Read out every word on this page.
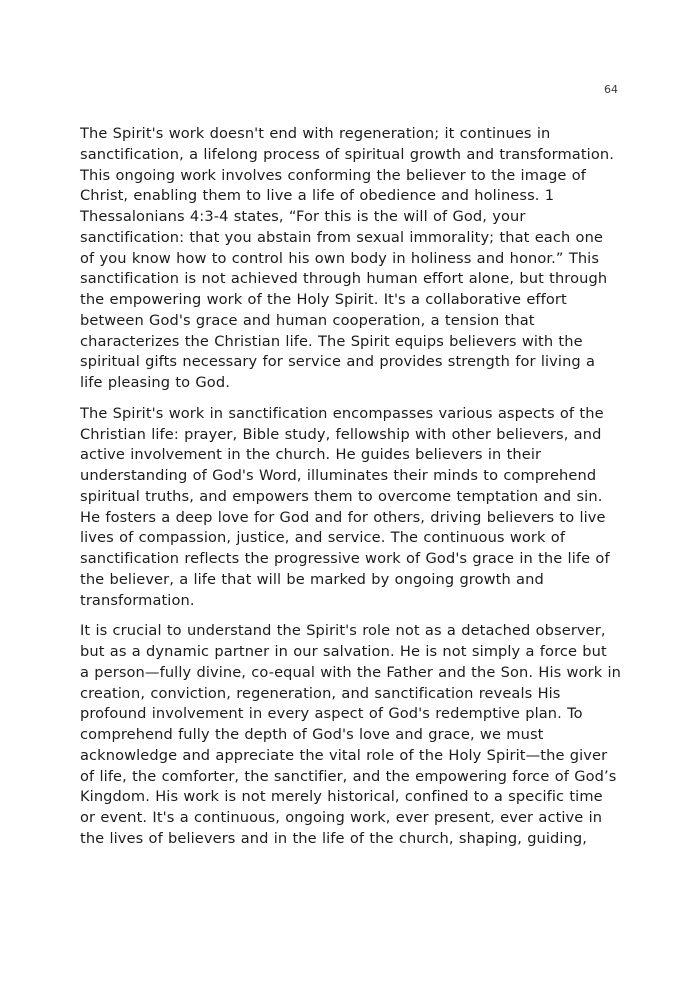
64

The Spirit's work doesn't end with regeneration; it continues in sanctification, a lifelong process of spiritual growth and transformation. This ongoing work involves conforming the believer to the image of Christ, enabling them to live a life of obedience and holiness. 1 Thessalonians 4:3-4 states, “For this is the will of God, your sanctification: that you abstain from sexual immorality; that each one of you know how to control his own body in holiness and honor.” This sanctification is not achieved through human effort alone, but through the empowering work of the Holy Spirit. It's a collaborative effort between God's grace and human cooperation, a tension that characterizes the Christian life. The Spirit equips believers with the spiritual gifts necessary for service and provides strength for living a life pleasing to God.

The Spirit's work in sanctification encompasses various aspects of the Christian life: prayer, Bible study, fellowship with other believers, and active involvement in the church. He guides believers in their understanding of God's Word, illuminates their minds to comprehend spiritual truths, and empowers them to overcome temptation and sin. He fosters a deep love for God and for others, driving believers to live lives of compassion, justice, and service. The continuous work of sanctification reflects the progressive work of God's grace in the life of the believer, a life that will be marked by ongoing growth and transformation.

It is crucial to understand the Spirit's role not as a detached observer, but as a dynamic partner in our salvation. He is not simply a force but a person—fully divine, co-equal with the Father and the Son. His work in creation, conviction, regeneration, and sanctification reveals His profound involvement in every aspect of God's redemptive plan. To comprehend fully the depth of God's love and grace, we must acknowledge and appreciate the vital role of the Holy Spirit—the giver of life, the comforter, the sanctifier, and the empowering force of God’s Kingdom. His work is not merely historical, confined to a specific time or event. It's a continuous, ongoing work, ever present, ever active in the lives of believers and in the life of the church, shaping, guiding,
